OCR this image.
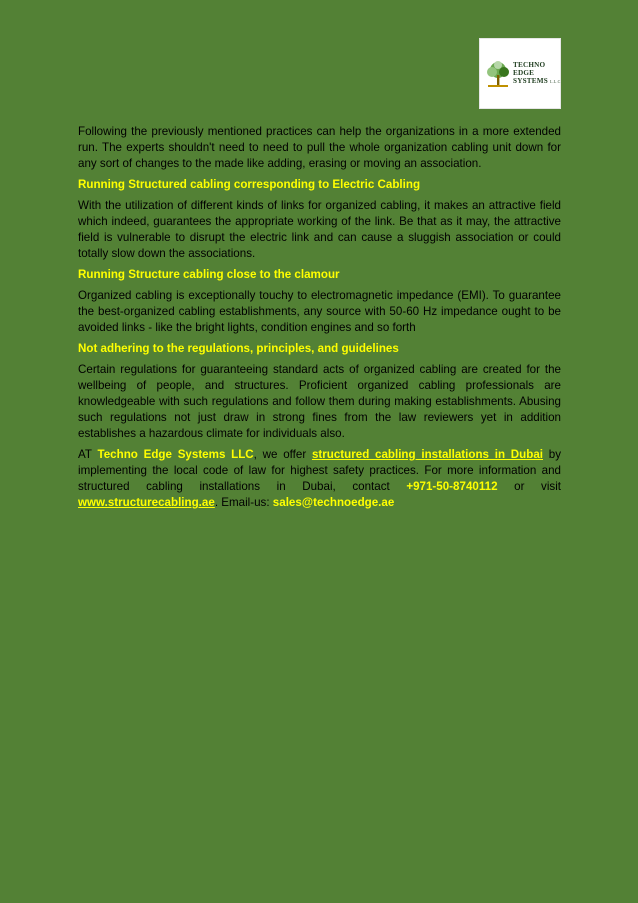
TECHNO
EDGE
SYSTEMS L.L.C

Following the previously mentioned practices can help the organizations in a more extended run. The experts shouldn't need to need to pull the whole organization cabling unit down for any sort of changes to the made like adding, erasing or moving an association.

Running Structured cabling corresponding to Electric Cabling

With the utilization of different kinds of links for organized cabling, it makes an attractive field which indeed, guarantees the appropriate working of the link. Be that as it may, the attractive field is vulnerable to disrupt the electric link and can cause a sluggish association or could totally slow down the associations.

Running Structure cabling close to the clamour

Organized cabling is exceptionally touchy to electromagnetic impedance (EMI). To guarantee the best-organized cabling establishments, any source with 50-60 Hz impedance ought to be avoided links - like the bright lights, condition engines and so forth

Not adhering to the regulations, principles, and guidelines

Certain regulations for guaranteeing standard acts of organized cabling are created for the wellbeing of people, and structures. Proficient organized cabling professionals are knowledgeable with such regulations and follow them during making establishments. Abusing such regulations not just draw in strong fines from the law reviewers yet in addition establishes a hazardous climate for individuals also.

AT Techno Edge Systems LLC, we offer structured cabling installations in Dubai by implementing the local code of law for highest safety practices. For more information and structured cabling installations in Dubai, contact +971-50-8740112 or visit www.structurecabling.ae. Email-us: sales@technoedge.ae
